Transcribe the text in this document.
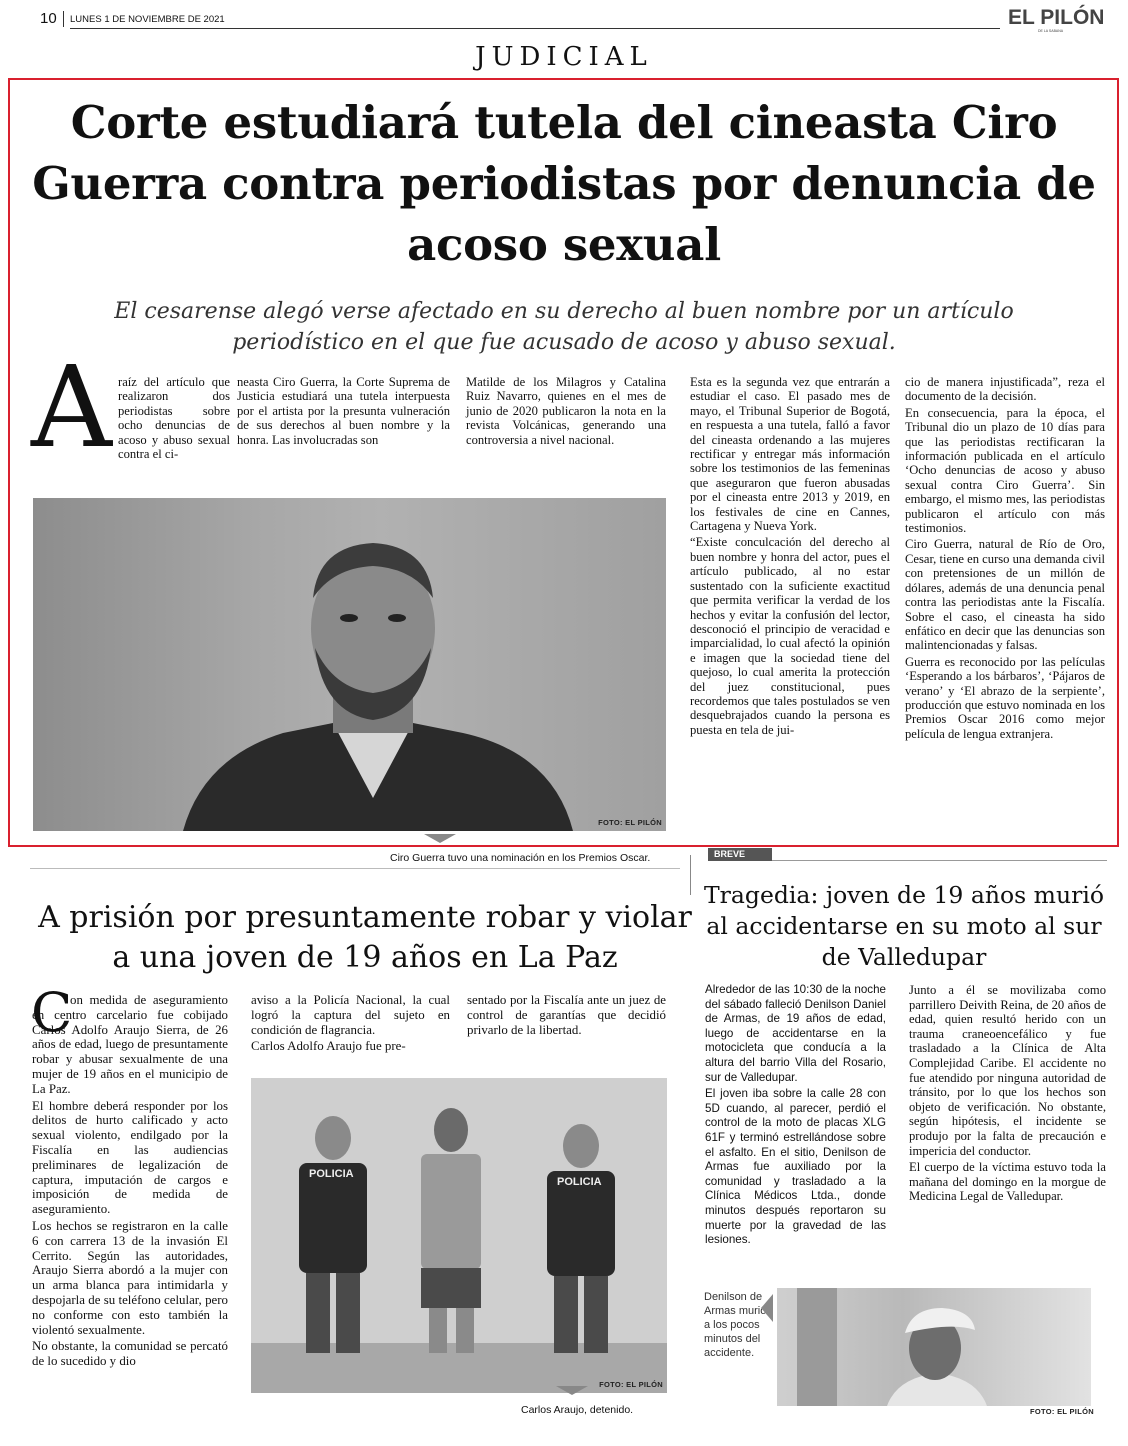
10 LUNES 1 DE NOVIEMBRE DE 2021	EL PILÓN
DE LA SABANA
JUDICIAL
Corte estudiará tutela del cineasta Ciro Guerra contra periodistas por denuncia de acoso sexual

El cesarense alegó verse afectado en su derecho al buen nombre por un artículo periodístico en el que fue acusado de acoso y abuso sexual.

A raíz del artículo que realizaron dos periodistas sobre ocho denuncias de acoso y abuso sexual contra el ci-

neasta Ciro Guerra, la Corte Suprema de Justicia estudiará una tutela interpuesta por el artista por la presunta vulneración de sus derechos al buen nombre y la honra. Las involucradas son

Matilde de los Milagros y Catalina Ruiz Navarro, quienes en el mes de junio de 2020 publicaron la nota en la revista Volcánicas, generando una controversia a nivel nacional.

Esta es la segunda vez que entrarán a estudiar el caso. El pasado mes de mayo, el Tribunal Superior de Bogotá, en respuesta a una tutela, falló a favor del cineasta ordenando a las mujeres rectificar y entregar más información sobre los testimonios de las femeninas que aseguraron que fueron abusadas por el cineasta entre 2013 y 2019, en los festivales de cine en Cannes, Cartagena y Nueva York.

“Existe conculcación del derecho al buen nombre y honra del actor, pues el artículo publicado, al no estar sustentado con la suficiente exactitud que permita verificar la verdad de los hechos y evitar la confusión del lector, desconoció el principio de veracidad e imparcialidad, lo cual afectó la opinión e imagen que la sociedad tiene del quejoso, lo cual amerita la protección del juez constitucional, pues recordemos que tales postulados se ven desquebrajados cuando la persona es puesta en tela de jui-

cio de manera injustificada”, reza el documento de la decisión.

En consecuencia, para la época, el Tribunal dio un plazo de 10 días para que las periodistas rectificaran la información publicada en el artículo ‘Ocho denuncias de acoso y abuso sexual contra Ciro Guerra’. Sin embargo, el mismo mes, las periodistas publicaron el artículo con más testimonios.

Ciro Guerra, natural de Río de Oro, Cesar, tiene en curso una demanda civil con pretensiones de un millón de dólares, además de una denuncia penal contra las periodistas ante la Fiscalía. Sobre el caso, el cineasta ha sido enfático en decir que las denuncias son malintencionadas y falsas.

Guerra es reconocido por las películas ‘Esperando a los bárbaros’, ‘Pájaros de verano’ y ‘El abrazo de la serpiente’, producción que estuvo nominada en los Premios Oscar 2016 como mejor película de lengua extranjera.

FOTO: EL PILÓN
Ciro Guerra tuvo una nominación en los Premios Oscar.
A prisión por presuntamente robar y violar a una joven de 19 años en La Paz
C

on medida de aseguramiento en centro carcelario fue cobijado Carlos Adolfo Araujo Sierra, de 26 años de edad, luego de presuntamente robar y abusar sexualmente de una mujer de 19 años en el municipio de La Paz.

El hombre deberá responder por los delitos de hurto calificado y acto sexual violento, endilgado por la Fiscalía en las audiencias preliminares de legalización de captura, imputación de cargos e imposición de medida de aseguramiento.

Los hechos se registraron en la calle 6 con carrera 13 de la invasión El Cerrito. Según las autoridades, Araujo Sierra abordó a la mujer con un arma blanca para intimidarla y despojarla de su teléfono celular, pero no conforme con esto también la violentó sexualmente.

No obstante, la comunidad se percató de lo sucedido y dio

aviso a la Policía Nacional, la cual logró la captura del sujeto en condición de flagrancia.

Carlos Adolfo Araujo fue pre-

sentado por la Fiscalía ante un juez de control de garantías que decidió privarlo de la libertad.

POLICIA
POLICIA
FOTO: EL PILÓN
Carlos Araujo, detenido.
BREVE
Tragedia: joven de 19 años murió al accidentarse en su moto al sur de Valledupar

Alrededor de las 10:30 de la noche del sábado falleció Denilson Daniel de Armas, de 19 años de edad, luego de accidentarse en la motocicleta que conducía a la altura del barrio Villa del Rosario, sur de Valledupar.

El joven iba sobre la calle 28 con 5D cuando, al parecer, perdió el control de la moto de placas XLG 61F y terminó estrellándose sobre el asfalto. En el sitio, Denilson de Armas fue auxiliado por la comunidad y trasladado a la Clínica Médicos Ltda., donde minutos después reportaron su muerte por la gravedad de las lesiones.

Junto a él se movilizaba como parrillero Deivith Reina, de 20 años de edad, quien resultó herido con un trauma craneoencefálico y fue trasladado a la Clínica de Alta Complejidad Caribe. El accidente no fue atendido por ninguna autoridad de tránsito, por lo que los hechos son objeto de verificación. No obstante, según hipótesis, el incidente se produjo por la falta de precaución e impericia del conductor.

El cuerpo de la víctima estuvo toda la mañana del domingo en la morgue de Medicina Legal de Valledupar.

Denilson de Armas murió a los pocos minutos del accidente.
FOTO: EL PILÓN
